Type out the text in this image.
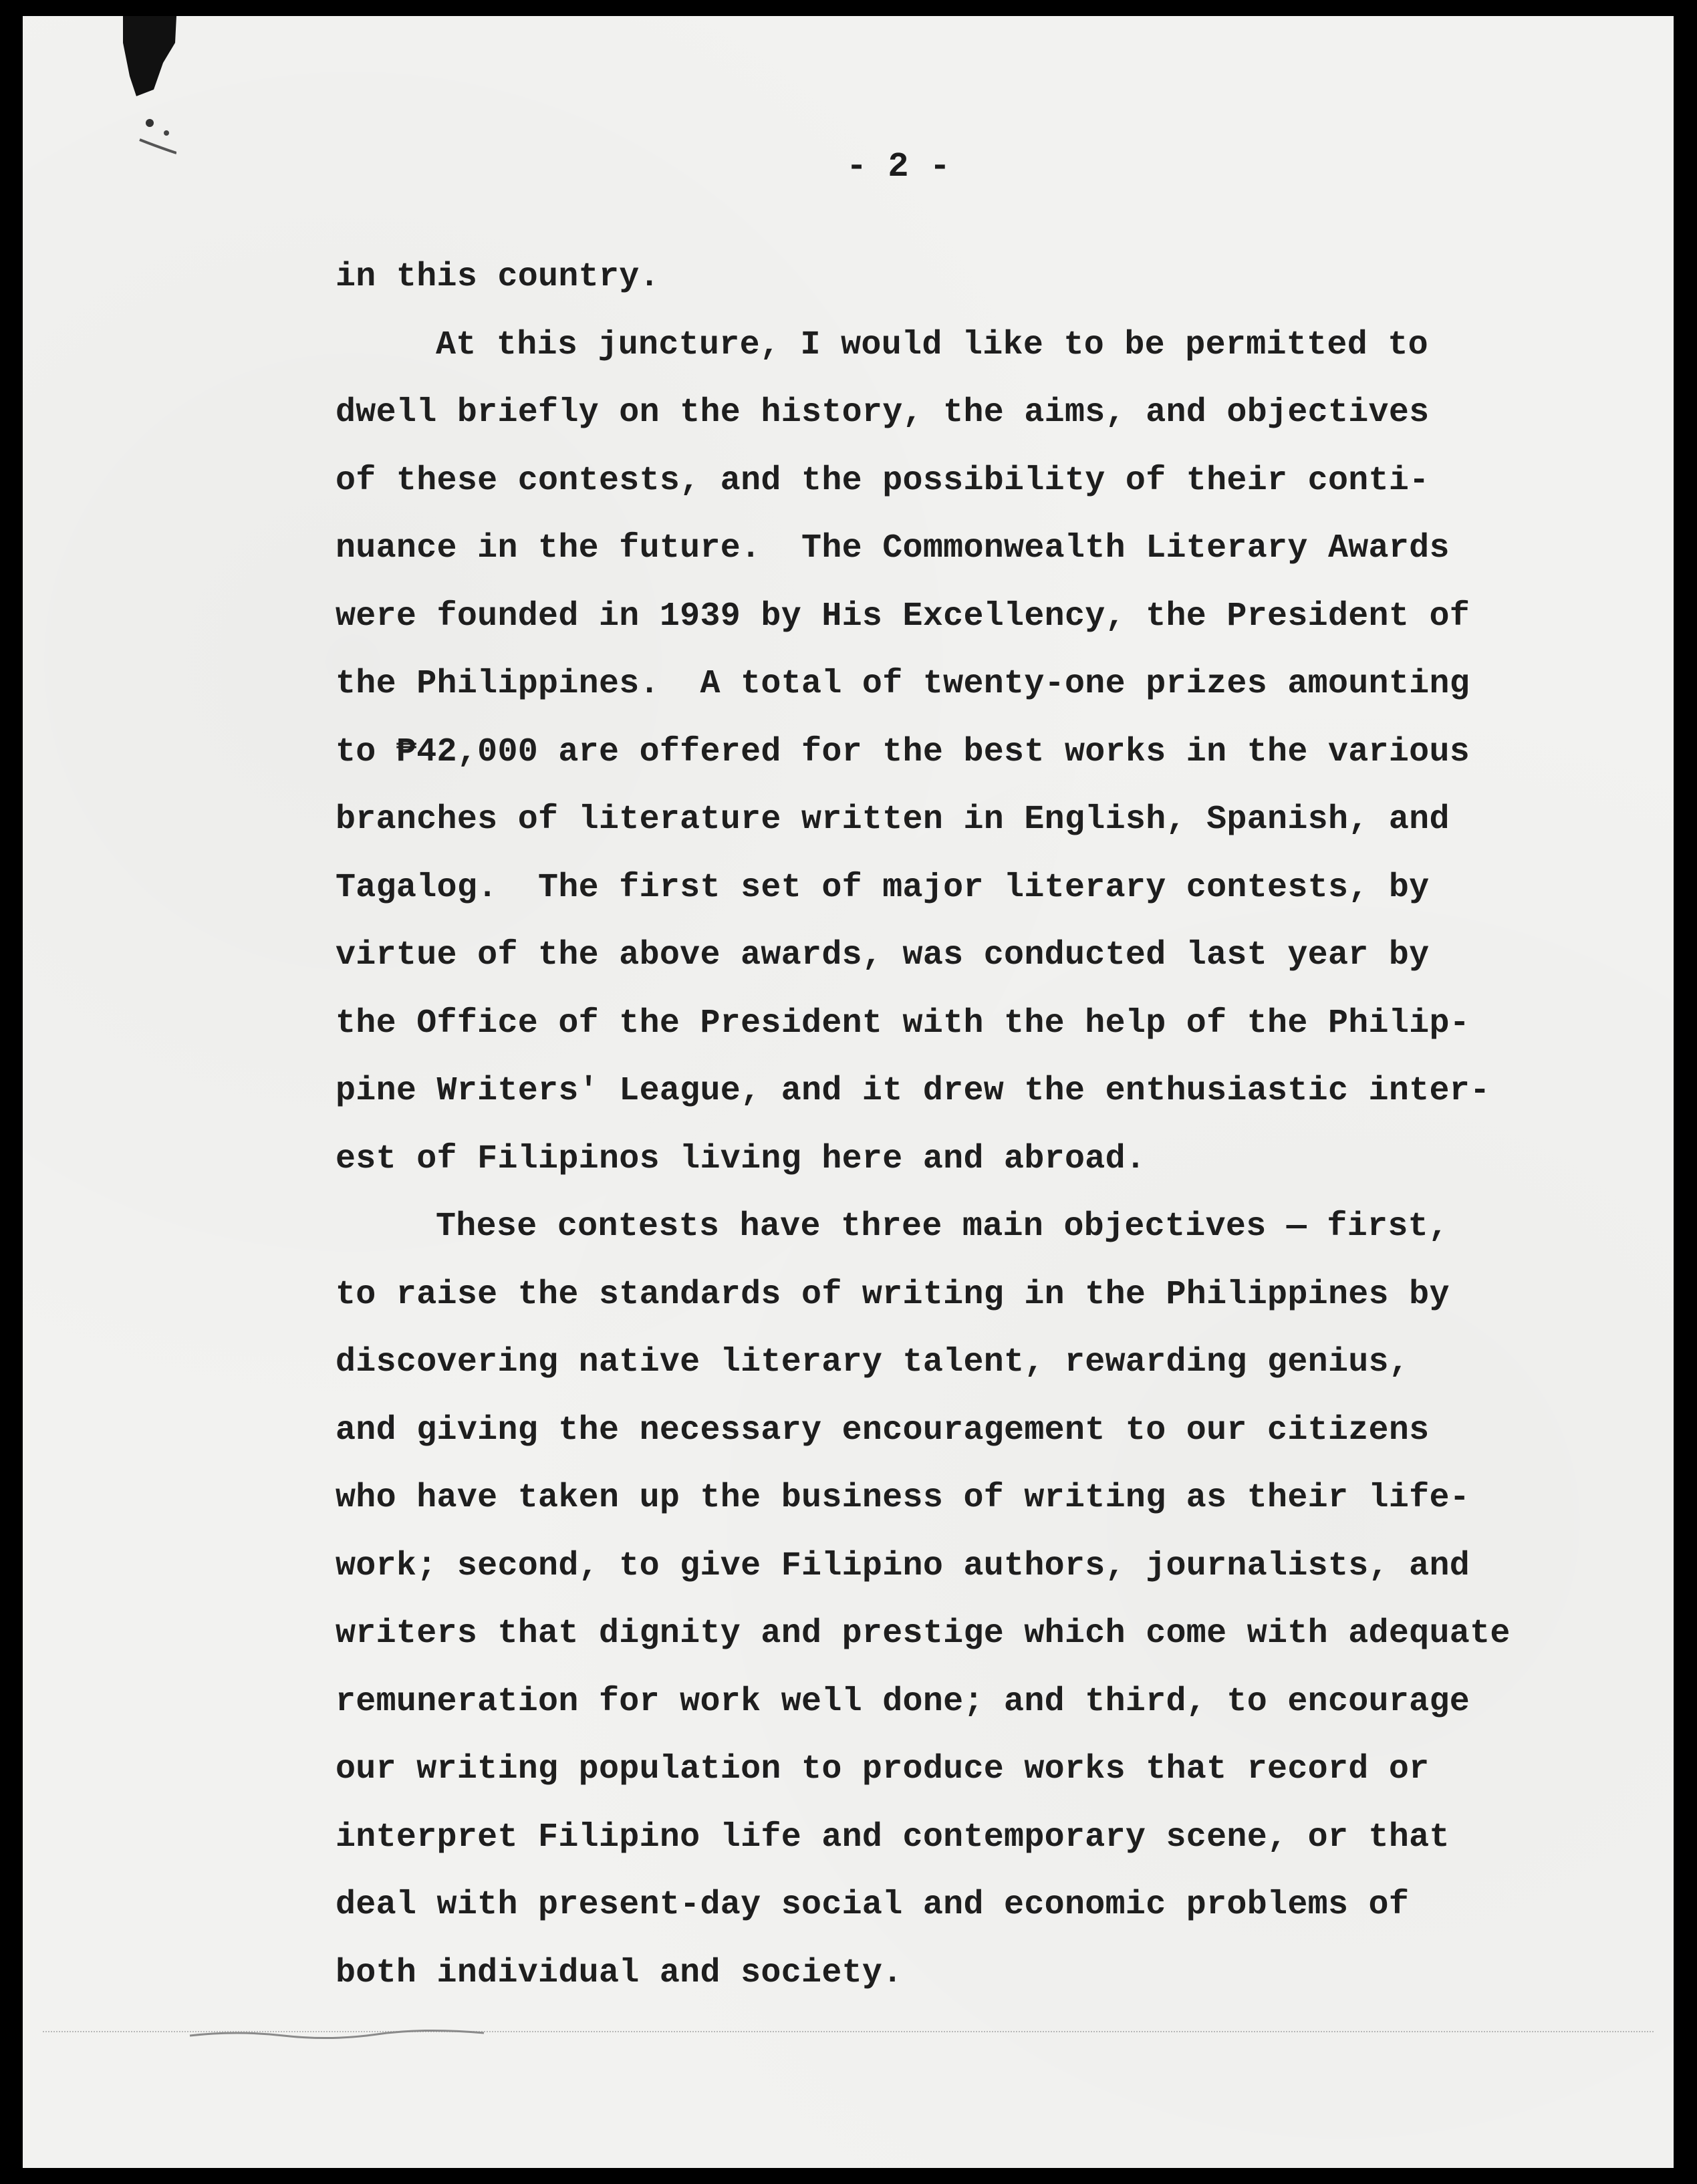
- 2 -
in this country.
At this juncture, I would like to be permitted to
dwell briefly on the history, the aims, and objectives
of these contests, and the possibility of their conti-
nuance in the future.  The Commonwealth Literary Awards
were founded in 1939 by His Excellency, the President of
the Philippines.  A total of twenty-one prizes amounting
to ₱42,000 are offered for the best works in the various
branches of literature written in English, Spanish, and
Tagalog.  The first set of major literary contests, by
virtue of the above awards, was conducted last year by
the Office of the President with the help of the Philip-
pine Writers' League, and it drew the enthusiastic inter-
est of Filipinos living here and abroad.
These contests have three main objectives — first,
to raise the standards of writing in the Philippines by
discovering native literary talent, rewarding genius,
and giving the necessary encouragement to our citizens
who have taken up the business of writing as their life-
work; second, to give Filipino authors, journalists, and
writers that dignity and prestige which come with adequate
remuneration for work well done; and third, to encourage
our writing population to produce works that record or
interpret Filipino life and contemporary scene, or that
deal with present-day social and economic problems of
both individual and society.
